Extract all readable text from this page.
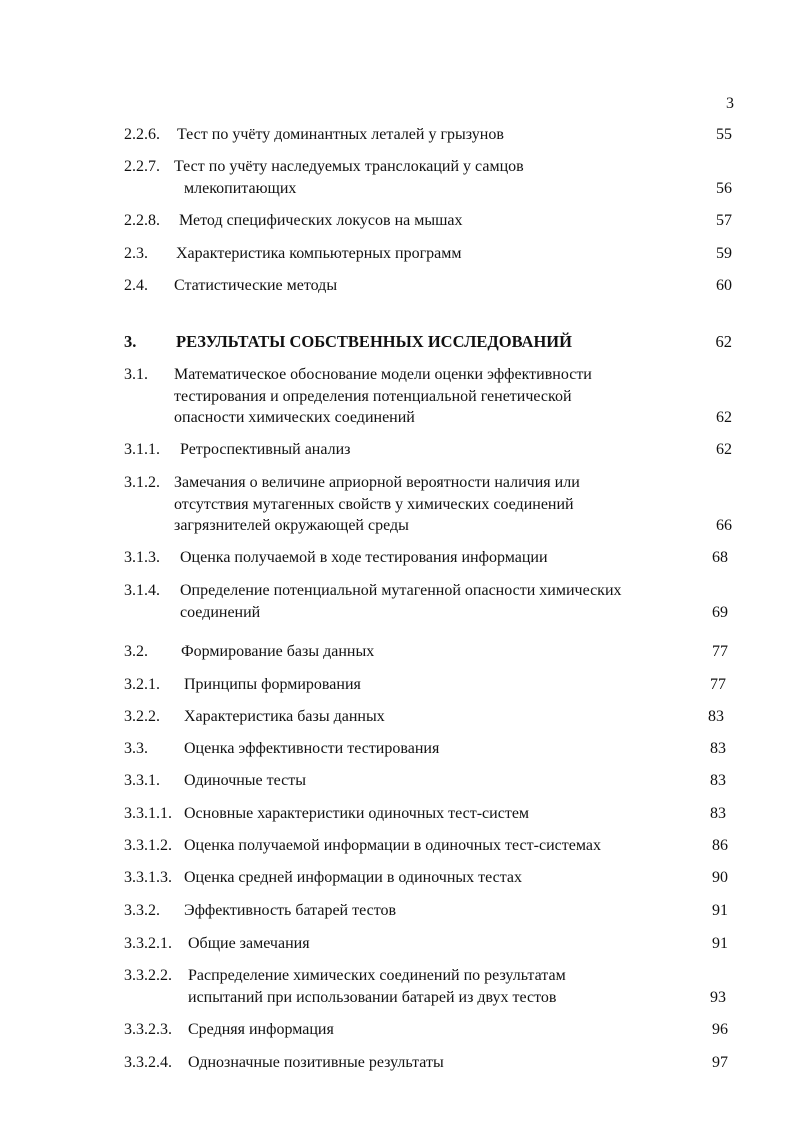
3
2.2.6.	Тест по учёту доминантных леталей у грызунов	55
2.2.7. Тест по учёту наследуемых транслокаций у самцов
млекопитающих	56
2.2.8.	Метод специфических локусов на мышах	57
2.3.	Характеристика компьютерных программ	59
2.4.	Статистические методы	60
3.	РЕЗУЛЬТАТЫ СОБСТВЕННЫХ ИССЛЕДОВАНИЙ	62
3.1.	Математическое обоснование модели оценки эффективности
тестирования и определения потенциальной генетической
опасности химических соединений	62
3.1.1.	Ретроспективный анализ	62
3.1.2. Замечания о величине априорной вероятности наличия или
отсутствия мутагенных свойств у химических соединений
загрязнителей окружающей среды	66
3.1.3.	Оценка получаемой в ходе тестирования информации	68
3.1.4.	Определение потенциальной мутагенной опасности химических
соединений	69
3.2.	Формирование базы данных	77
3.2.1.	Принципы формирования	77
3.2.2.	Характеристика базы данных	83
3.3.	Оценка эффективности тестирования	83
3.3.1.	Одиночные тесты	83
3.3.1.1. Основные характеристики одиночных тест-систем	83
3.3.1.2. Оценка получаемой информации в одиночных тест-системах	86
3.3.1.3. Оценка средней информации в одиночных тестах	90
3.3.2.	Эффективность батарей тестов	91
3.3.2.1.	Общие замечания	91
3.3.2.2.	Распределение химических соединений по результатам
испытаний при использовании батарей из двух тестов	93
3.3.2.3.	Средняя информация	96
3.3.2.4.	Однозначные позитивные результаты	97
